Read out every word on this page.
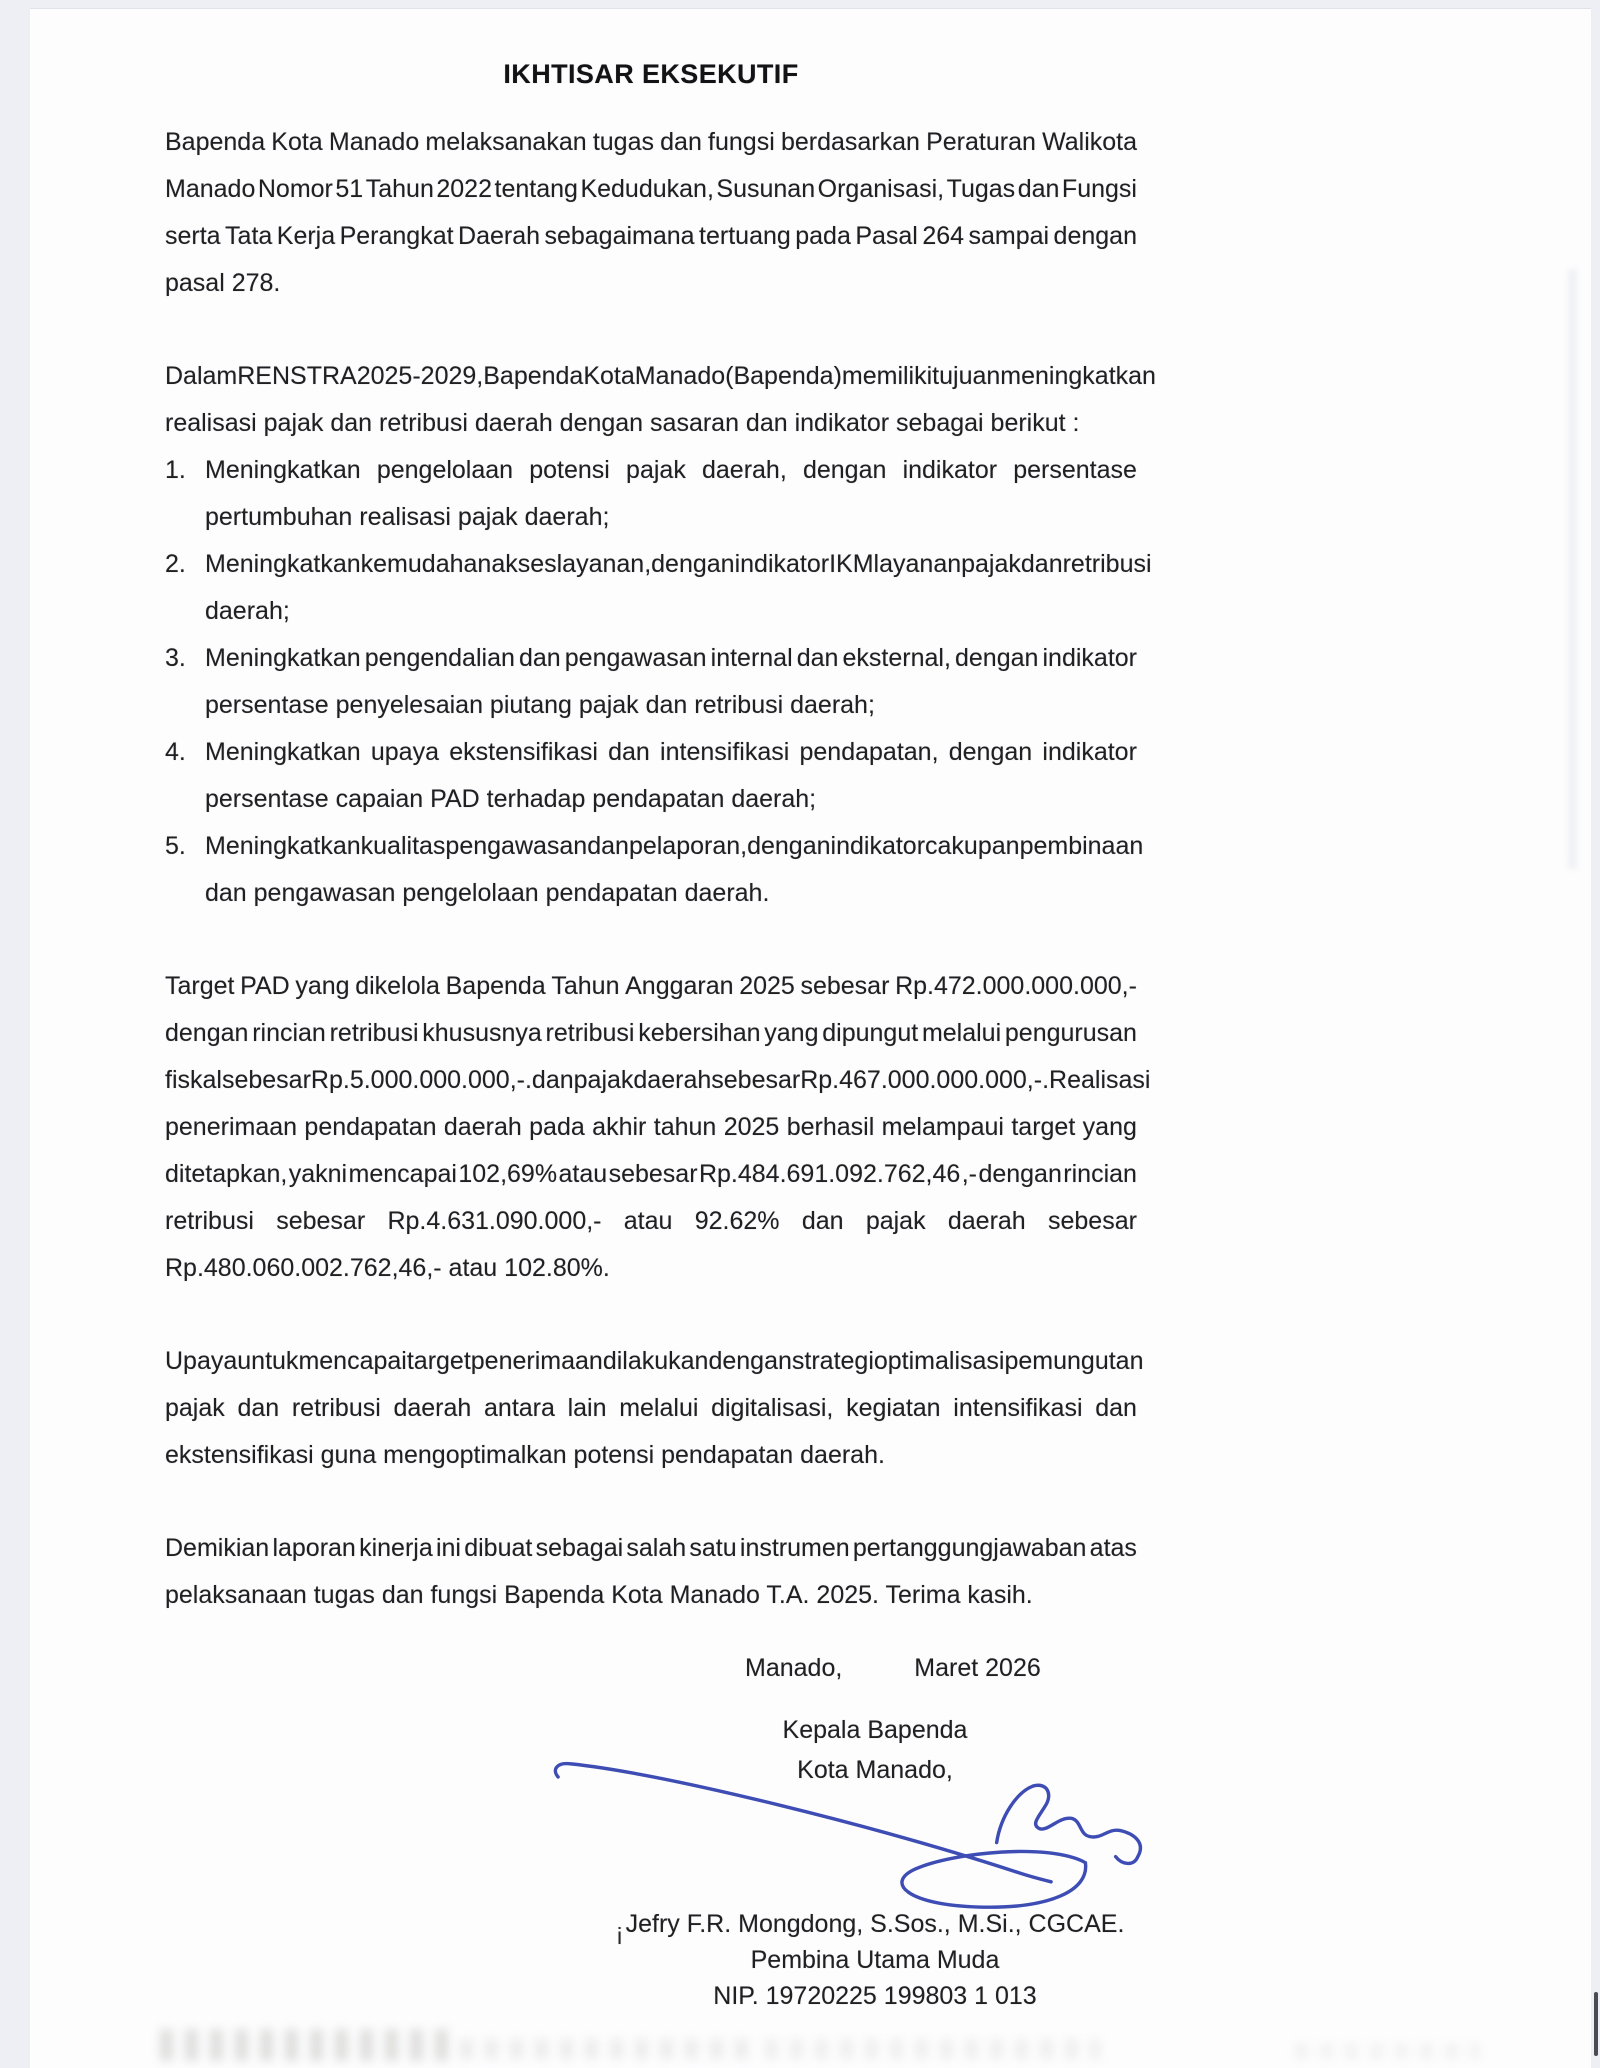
IKHTISAR EKSEKUTIF
Bapenda Kota Manado melaksanakan tugas dan fungsi berdasarkan Peraturan Walikota
Manado Nomor 51 Tahun 2022 tentang Kedudukan, Susunan Organisasi, Tugas dan Fungsi
serta Tata Kerja Perangkat Daerah sebagaimana tertuang pada Pasal 264 sampai dengan
pasal 278.
Dalam RENSTRA 2025-2029, Bapenda Kota Manado (Bapenda) memiliki tujuan meningkatkan
realisasi pajak dan retribusi daerah dengan sasaran dan indikator sebagai berikut :
1. Meningkatkan pengelolaan potensi pajak daerah, dengan indikator persentase
pertumbuhan realisasi pajak daerah;
2. Meningkatkan kemudahan akses layanan, dengan indikator IKM layanan pajak dan retribusi
daerah;
3. Meningkatkan pengendalian dan pengawasan internal dan eksternal, dengan indikator
persentase penyelesaian piutang pajak dan retribusi daerah;
4. Meningkatkan upaya ekstensifikasi dan intensifikasi pendapatan, dengan indikator
persentase capaian PAD terhadap pendapatan daerah;
5. Meningkatkan kualitas pengawasan dan pelaporan, dengan indikator cakupan pembinaan
dan pengawasan pengelolaan pendapatan daerah.
Target PAD yang dikelola Bapenda Tahun Anggaran 2025 sebesar Rp.472.000.000.000,-
dengan rincian retribusi khususnya retribusi kebersihan yang dipungut melalui pengurusan
fiskal sebesar Rp.5.000.000.000,-. dan pajak daerah sebesar Rp.467.000.000.000,-. Realisasi
penerimaan pendapatan daerah pada akhir tahun 2025 berhasil melampaui target yang
ditetapkan, yakni mencapai 102,69% atau sebesar Rp.484.691.092.762,46 ,- dengan rincian
retribusi sebesar Rp.4.631.090.000,- atau 92.62% dan pajak daerah sebesar
Rp.480.060.002.762,46,- atau 102.80%.
Upaya untuk mencapai target penerimaan dilakukan dengan strategi optimalisasi pemungutan
pajak dan retribusi daerah antara lain melalui digitalisasi, kegiatan intensifikasi dan
ekstensifikasi guna mengoptimalkan potensi pendapatan daerah.
Demikian laporan kinerja ini dibuat sebagai salah satu instrumen pertanggungjawaban atas
pelaksanaan tugas dan fungsi Bapenda Kota Manado T.A. 2025. Terima kasih.
Manado,	Maret 2026
Kepala Bapenda
Kota Manado,
i Jefry F.R. Mongdong, S.Sos., M.Si., CGCAE.
Pembina Utama Muda
NIP. 19720225 199803 1 013
